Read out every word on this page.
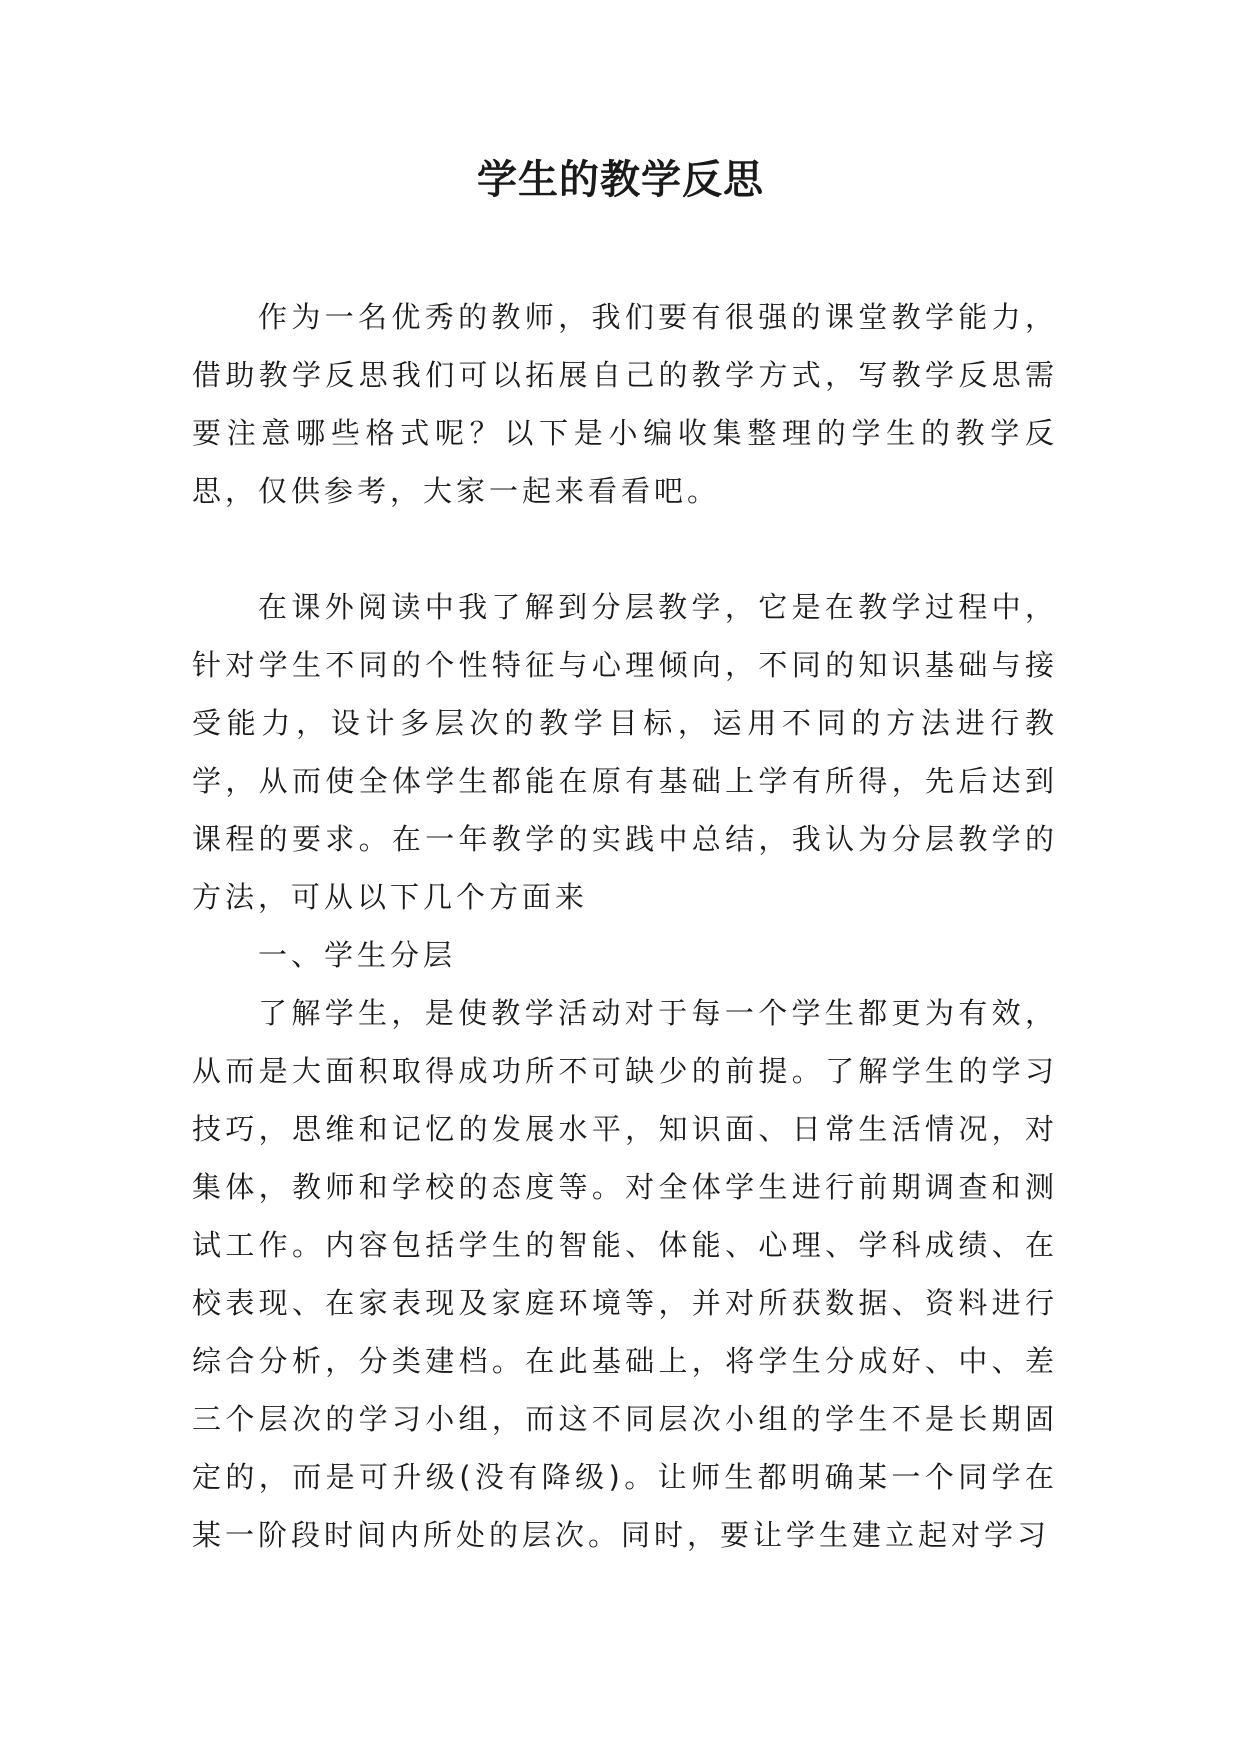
学生的教学反思

作为一名优秀的教师，我们要有很强的课堂教学能力，借助教学反思我们可以拓展自己的教学方式，写教学反思需要注意哪些格式呢？以下是小编收集整理的学生的教学反思，仅供参考，大家一起来看看吧。

在课外阅读中我了解到分层教学，它是在教学过程中，针对学生不同的个性特征与心理倾向，不同的知识基础与接受能力，设计多层次的教学目标，运用不同的方法进行教学，从而使全体学生都能在原有基础上学有所得，先后达到课程的要求。在一年教学的实践中总结，我认为分层教学的方法，可从以下几个方面来

一、学生分层

了解学生，是使教学活动对于每一个学生都更为有效，从而是大面积取得成功所不可缺少的前提。了解学生的学习技巧，思维和记忆的发展水平，知识面、日常生活情况，对集体，教师和学校的态度等。对全体学生进行前期调查和测试工作。内容包括学生的智能、体能、心理、学科成绩、在校表现、在家表现及家庭环境等，并对所获数据、资料进行综合分析，分类建档。在此基础上，将学生分成好、中、差三个层次的学习小组，而这不同层次小组的学生不是长期固定的，而是可升级(没有降级)。让师生都明确某一个同学在某一阶段时间内所处的层次。同时，要让学生建立起对学习
